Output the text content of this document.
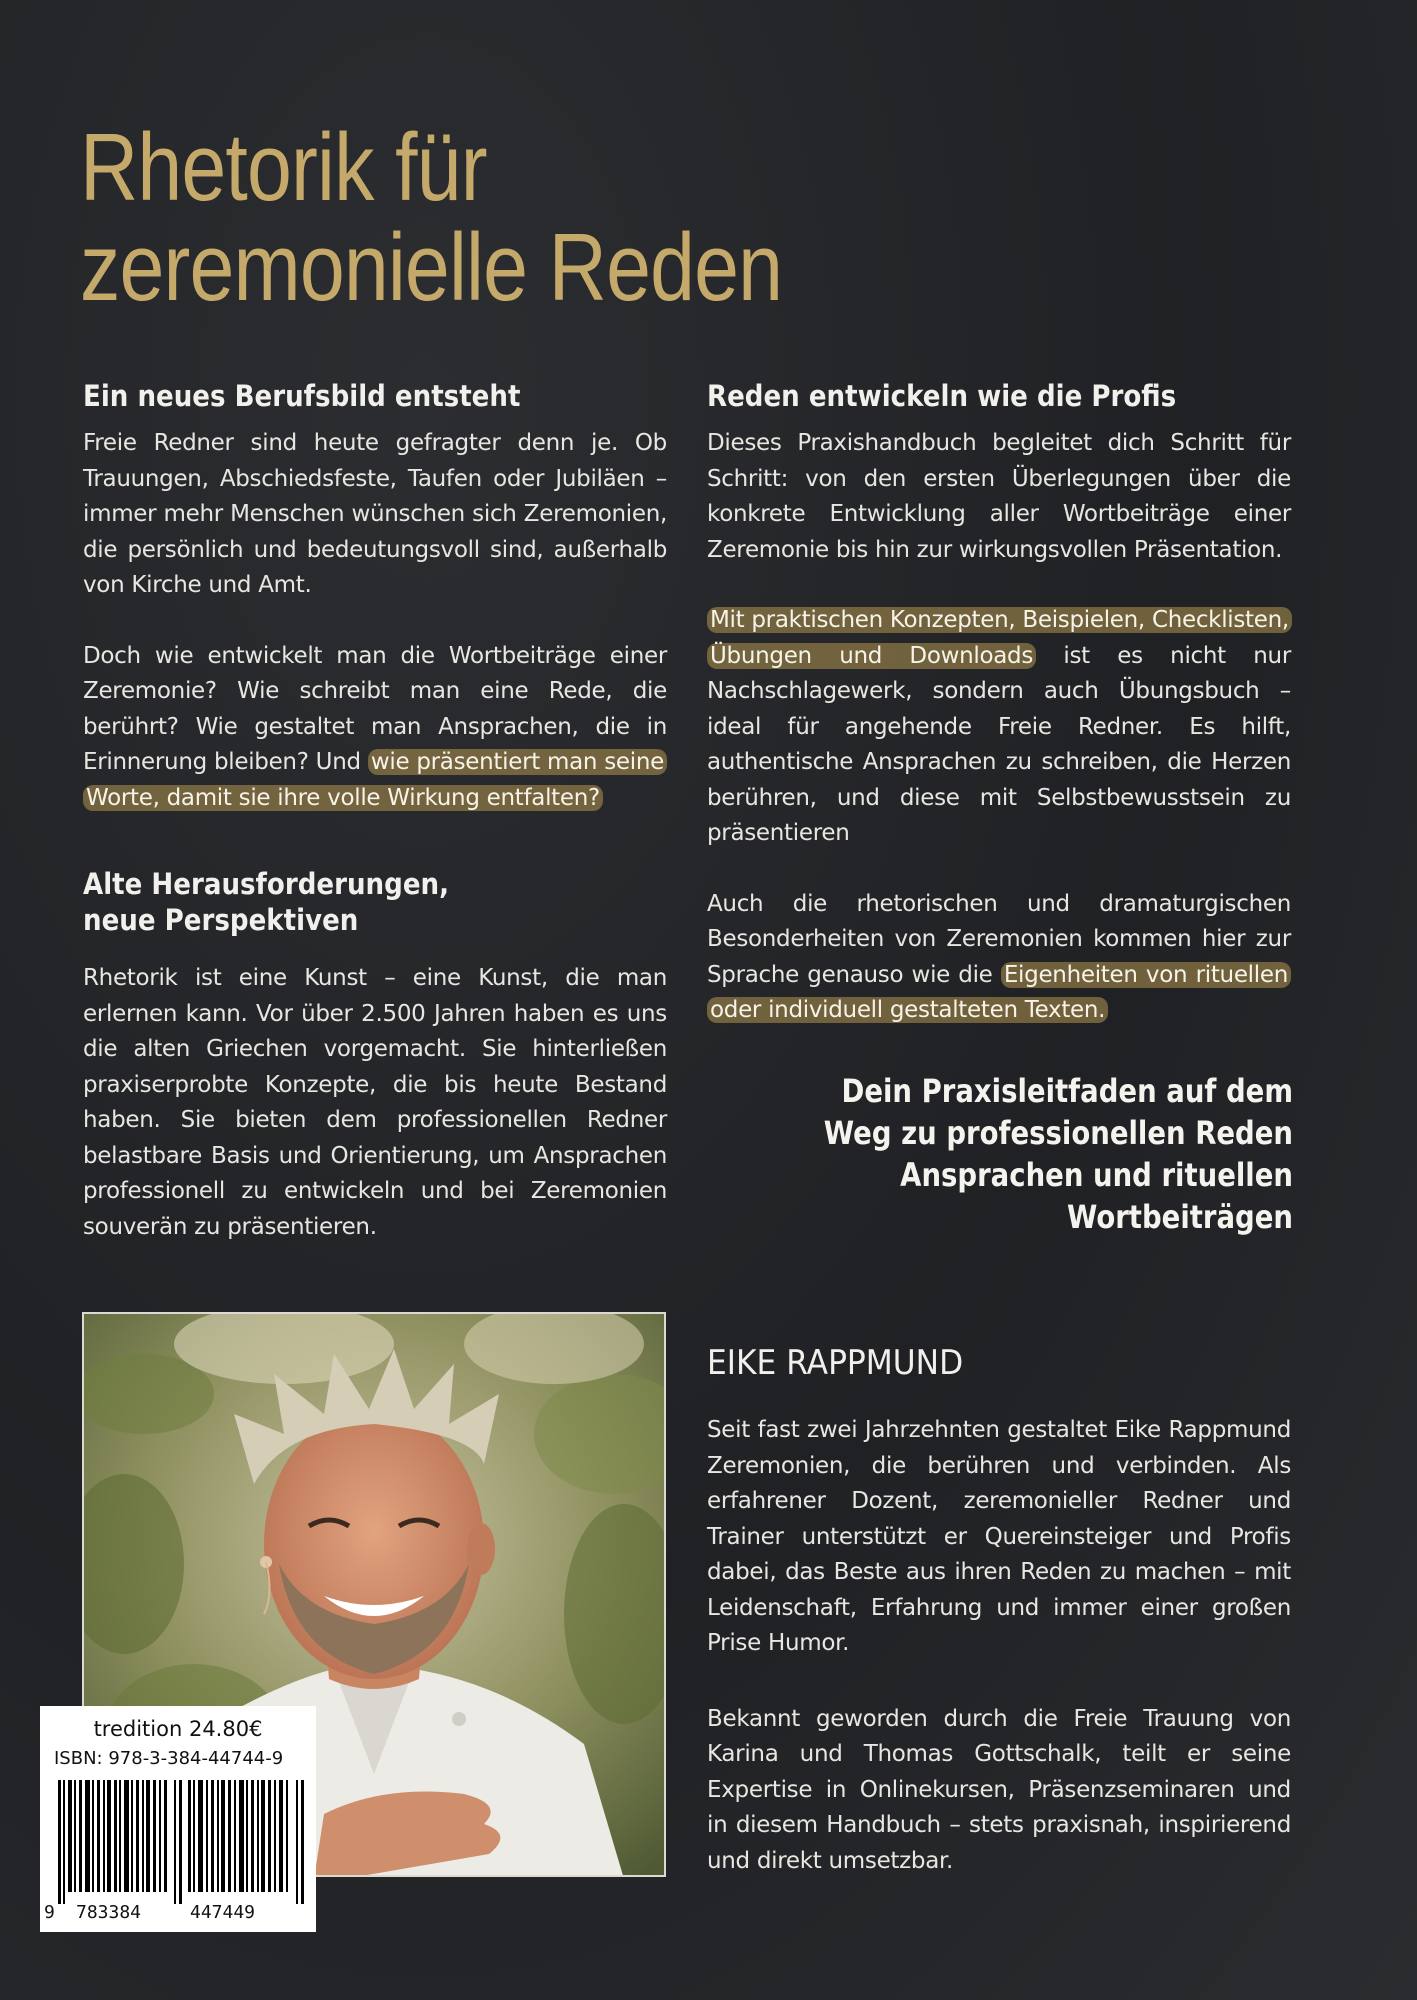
Rhetorik für
zeremonielle Reden
Ein neues Berufsbild entsteht

Freie Redner sind heute gefragter denn je. Ob Trauungen, Abschiedsfeste, Taufen oder Jubiläen – immer mehr Menschen wünschen sich Zeremonien, die persönlich und bedeutungsvoll sind, außerhalb von Kirche und Amt.

Doch wie entwickelt man die Wortbeiträge einer Zeremonie? Wie schreibt man eine Rede, die berührt? Wie gestaltet man Ansprachen, die in Erinnerung bleiben? Und wie präsentiert man seine Worte, damit sie ihre volle Wirkung entfalten?

Alte Herausforderungen,
neue Perspektiven

Rhetorik ist eine Kunst – eine Kunst, die man erlernen kann. Vor über 2.500 Jahren haben es uns die alten Griechen vorgemacht. Sie hinterließen praxiserprobte Konzepte, die bis heute Bestand haben. Sie bieten dem professionellen Redner belastbare Basis und Orientierung, um Ansprachen professionell zu entwickeln und bei Zeremonien souverän zu präsentieren.

Reden entwickeln wie die Profis

Dieses Praxishandbuch begleitet dich Schritt für Schritt: von den ersten Überlegungen über die konkrete Entwicklung aller Wortbeiträge einer Zeremonie bis hin zur wirkungsvollen Präsentation.

Mit praktischen Konzepten, Beispielen, Checklisten, Übungen und Downloads ist es nicht nur Nachschlagewerk, sondern auch Übungsbuch – ideal für angehende Freie Redner. Es hilft, authentische Ansprachen zu schreiben, die Herzen berühren, und diese mit Selbstbewusstsein zu präsentieren

Auch die rhetorischen und dramaturgischen Besonderheiten von Zeremonien kommen hier zur Sprache genauso wie die Eigenheiten von rituellen oder individuell gestalteten Texten.

Dein Praxisleitfaden auf dem
Weg zu professionellen Reden
Ansprachen und rituellen
Wortbeiträgen
EIKE RAPPMUND

Seit fast zwei Jahrzehnten gestaltet Eike Rappmund Zeremonien, die berühren und verbinden. Als erfahrener Dozent, zeremonieller Redner und Trainer unterstützt er Quereinsteiger und Profis dabei, das Beste aus ihren Reden zu machen – mit Leidenschaft, Erfahrung und immer einer großen Prise Humor.

Bekannt geworden durch die Freie Trauung von Karina und Thomas Gottschalk, teilt er seine Expertise in Onlinekursen, Präsenzseminaren und in diesem Handbuch – stets praxisnah, inspirierend und direkt umsetzbar.

tredition 24.80€
ISBN: 978-3-384-44744-9
9 783384	447449
